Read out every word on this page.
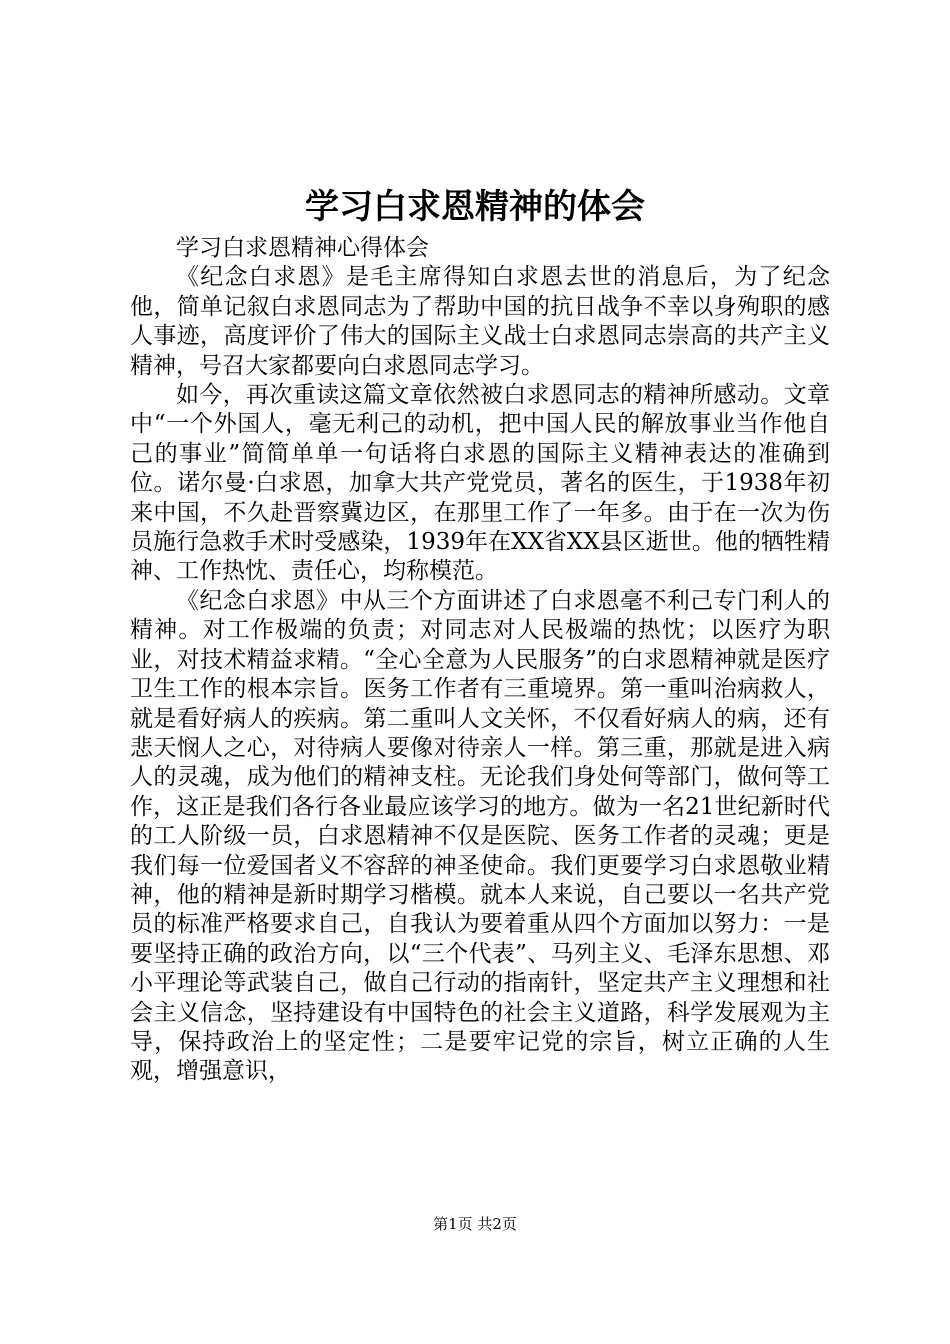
学习白求恩精神的体会

学习白求恩精神心得体会

《纪念白求恩》是毛主席得知白求恩去世的消息后，为了纪念他，简单记叙白求恩同志为了帮助中国的抗日战争不幸以身殉职的感人事迹，高度评价了伟大的国际主义战士白求恩同志崇高的共产主义精神，号召大家都要向白求恩同志学习。

如今，再次重读这篇文章依然被白求恩同志的精神所感动。文章中“一个外国人，毫无利己的动机，把中国人民的解放事业当作他自己的事业”简简单单一句话将白求恩的国际主义精神表达的准确到位。诺尔曼·白求恩，加拿大共产党党员，著名的医生，于1938年初来中国，不久赴晋察冀边区，在那里工作了一年多。由于在一次为伤员施行急救手术时受感染，1939年在XX省XX县区逝世。他的牺牲精神、工作热忱、责任心，均称模范。

《纪念白求恩》中从三个方面讲述了白求恩毫不利己专门利人的精神。对工作极端的负责；对同志对人民极端的热忱；以医疗为职业，对技术精益求精。“全心全意为人民服务”的白求恩精神就是医疗卫生工作的根本宗旨。医务工作者有三重境界。第一重叫治病救人，就是看好病人的疾病。第二重叫人文关怀，不仅看好病人的病，还有悲天悯人之心，对待病人要像对待亲人一样。第三重，那就是进入病人的灵魂，成为他们的精神支柱。无论我们身处何等部门，做何等工作，这正是我们各行各业最应该学习的地方。做为一名21世纪新时代的工人阶级一员，白求恩精神不仅是医院、医务工作者的灵魂；更是我们每一位爱国者义不容辞的神圣使命。我们更要学习白求恩敬业精神，他的精神是新时期学习楷模。就本人来说，自己要以一名共产党员的标准严格要求自己，自我认为要着重从四个方面加以努力：一是要坚持正确的政治方向，以“三个代表”、马列主义、毛泽东思想、邓小平理论等武装自己，做自己行动的指南针，坚定共产主义理想和社会主义信念，坚持建设有中国特色的社会主义道路，科学发展观为主导，保持政治上的坚定性；二是要牢记党的宗旨，树立正确的人生观，增强意识，

第1页 共2页
